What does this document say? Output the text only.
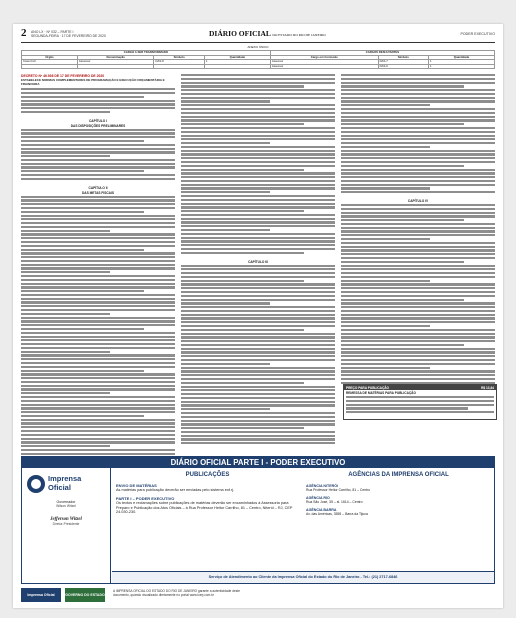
2 ANO LX · Nº 032 – PARTE I
SEGUNDA-FEIRA · 17 DE FEVEREIRO DE 2020	DIÁRIO OFICIAL DO ESTADO DO RIO DE JANEIRO	PODER EXECUTIVO
ANEXO ÚNICO
CARGO A SER TRANSFORMADO				CARGOS RESULTANTES		
Órgão	Denominação	Símbolo	Quantidade	Cargo em Comissão	Símbolo	Quantidade
Casa Civil	Assessor	DAS-8	1	Assessor	DAS-7	1
				Assessor	DAS-6	1
DECRETO Nº 46.936 DE 17 DE FEVEREIRO DE 2020
ESTABELECE NORMAS COMPLEMENTARES DE PROGRAMAÇÃO E EXECUÇÃO ORÇAMENTÁRIA E FINANCEIRA
CAPÍTULO I
DAS DISPOSIÇÕES PRELIMINARES
CAPÍTULO II
DAS METAS FISCAIS
CAPÍTULO III
CAPÍTULO IV
PREÇO PARA PUBLICAÇÃO	R$ 13,84
REMESSA DE MATÉRIAS PARA PUBLICAÇÃO
DIÁRIO OFICIAL PARTE I - PODER EXECUTIVO
Imprensa
Oficial
Governador
Wilson Witzel
Jefferson Witzel
Diretor-Presidente
PUBLICAÇÕES	AGÊNCIAS DA IMPRENSA OFICIAL
ENVIO DE MATÉRIAS
As matérias para publicação deverão ser enviadas pelo sistema eof.rj.
PARTE I – PODER EXECUTIVO
Os textos e reclamações sobre publicações de matérias deverão ser encaminhados à Assessoria para Preparo e Publicação dos Atos Oficiais – à Rua Professor Heitor Carrilho, 81 – Centro, Niterói – RJ, CEP 24.030-230.
AGÊNCIA NITERÓI
Rua Professor Heitor Carrilho, 81 – Centro
AGÊNCIA RIO
Rua São José, 35 – sl. 1614 – Centro
AGÊNCIA BARRA
Av. das Américas, 3555 – Barra da Tijuca
Serviço de Atendimento ao Cliente da Imprensa Oficial do Estado do Rio de Janeiro - Tel.: (21) 2717-6846
Imprensa Oficial	GOVERNO DO ESTADO
A IMPRENSA OFICIAL DO ESTADO DO RIO DE JANEIRO garante a autenticidade deste
documento, quando visualizado diretamente no portal www.ioerj.com.br
